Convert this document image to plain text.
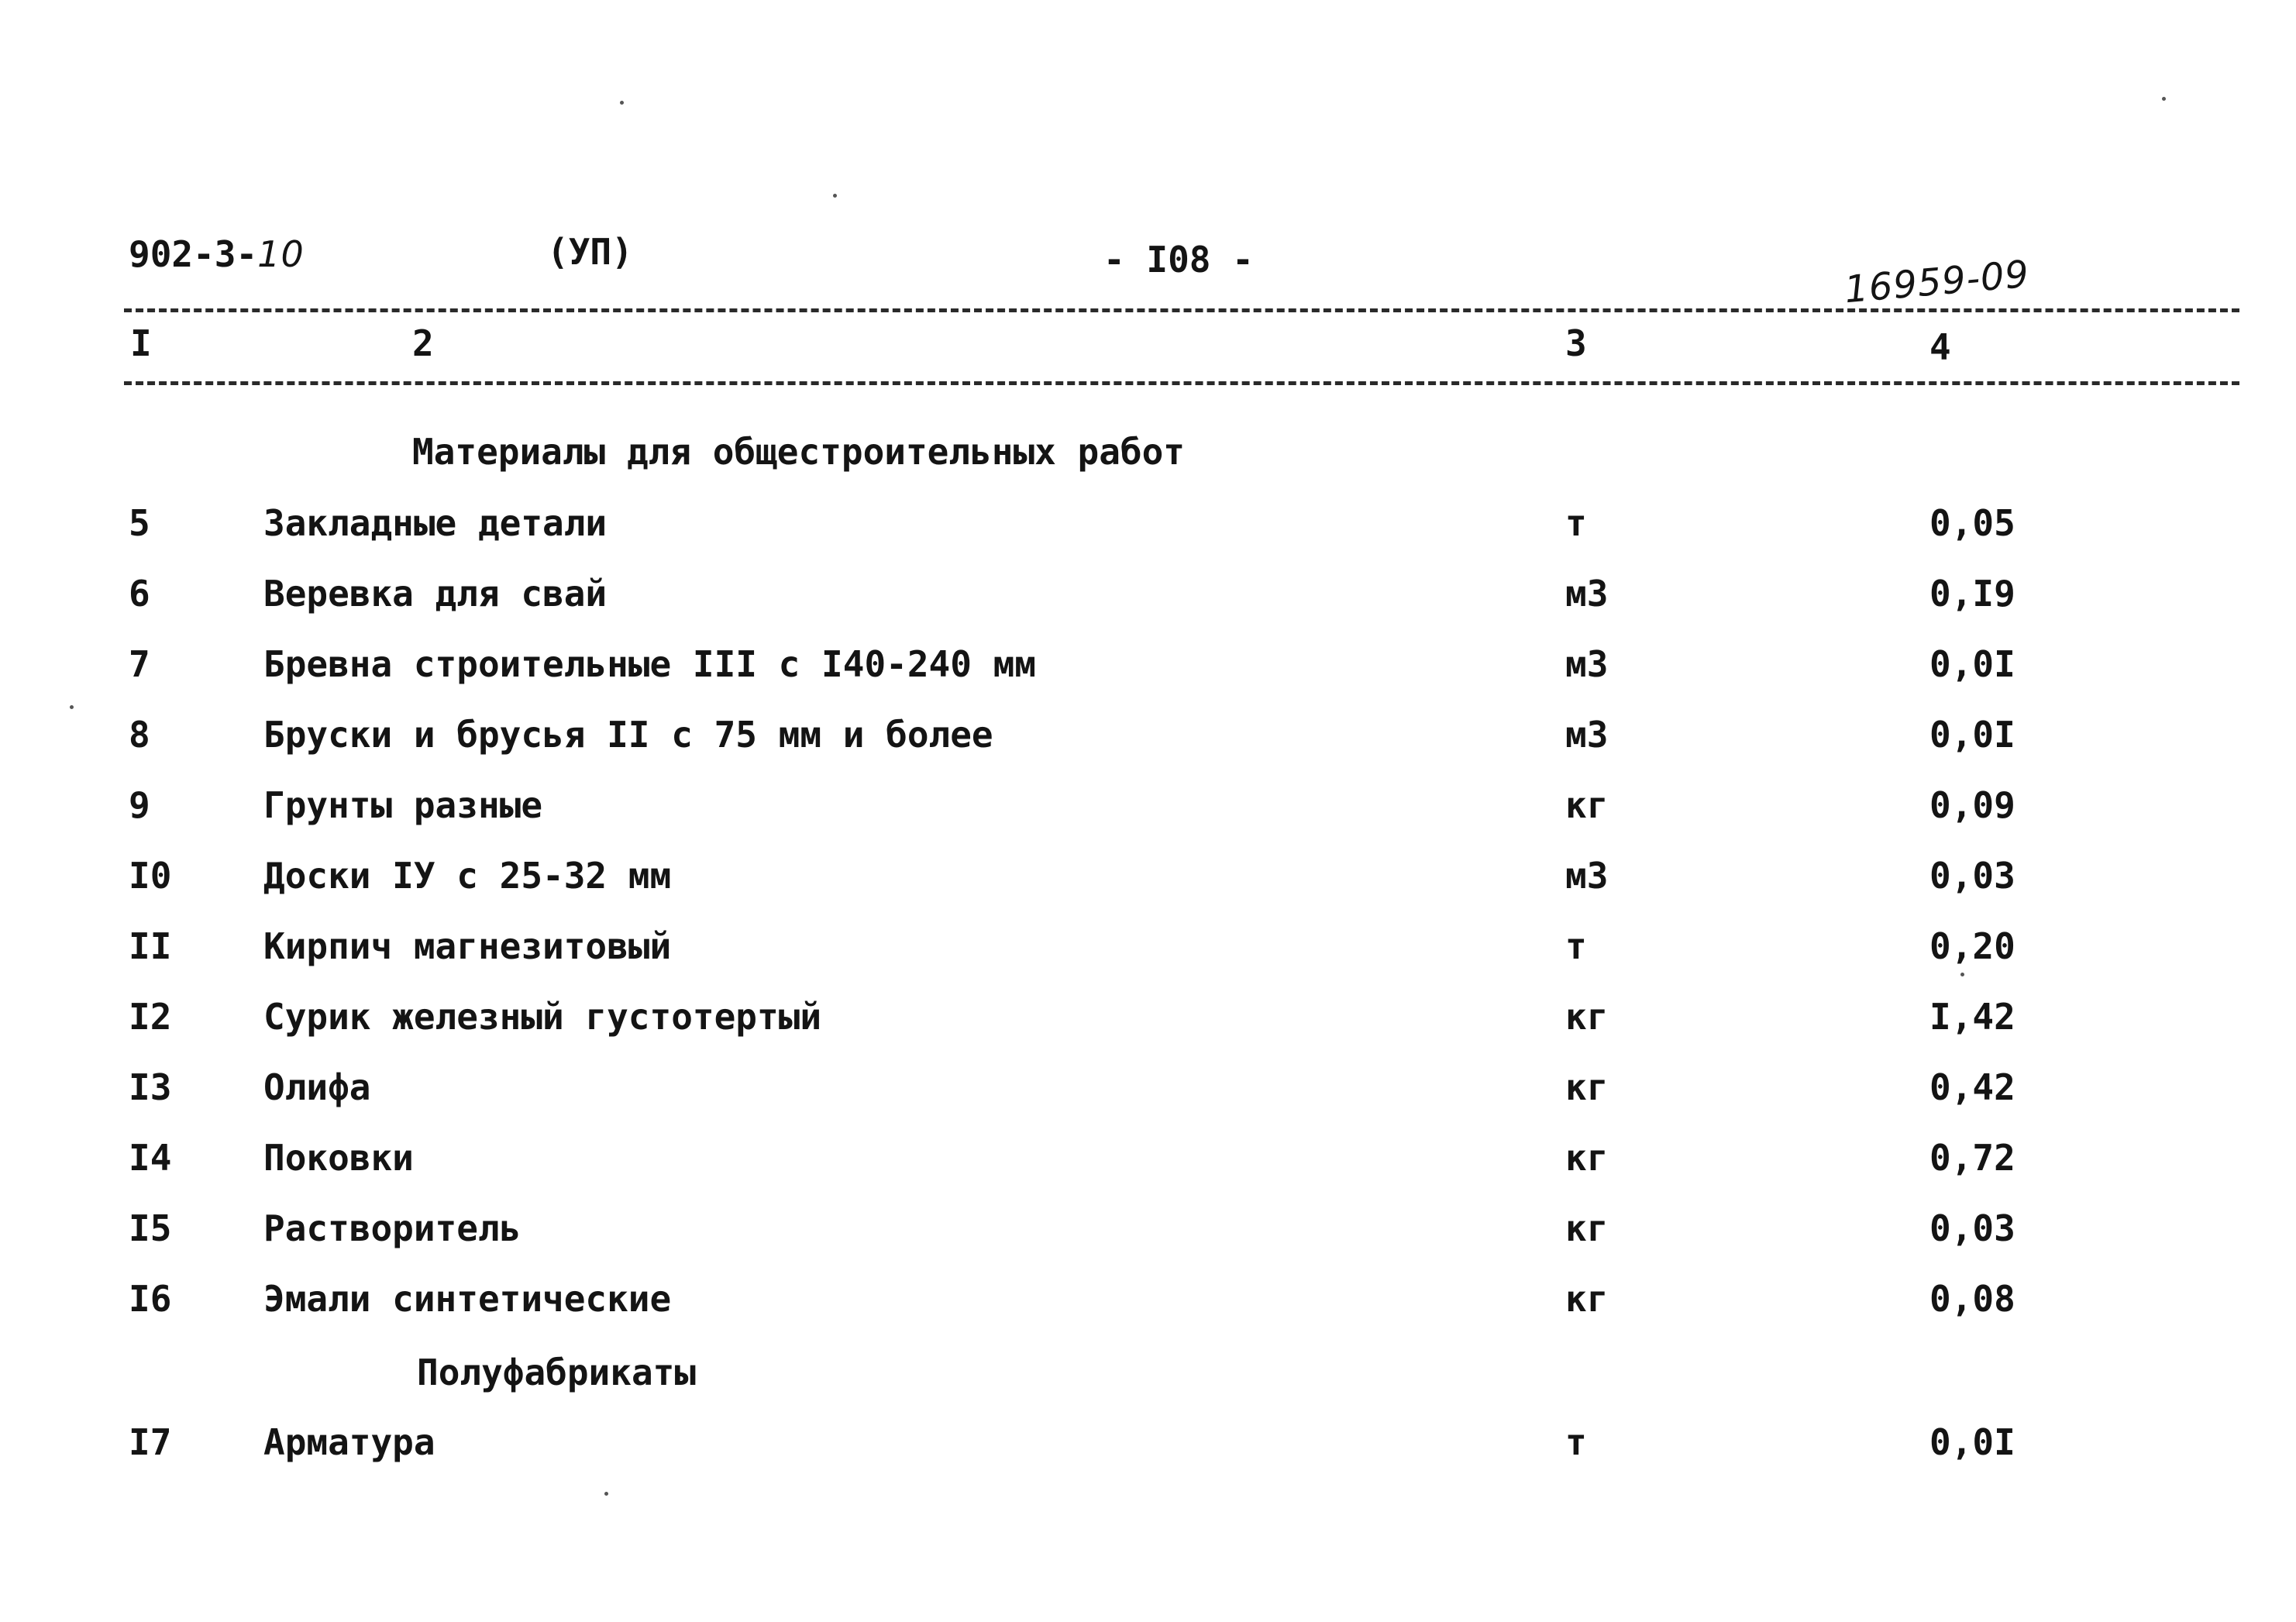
902-3-10	(УП)	- I08 -	16959-09
I	2	3	4
Материалы для общестроительных работ
5	Закладные детали	т	0,05
6	Веревка для свай	м3	0,I9
7	Бревна строительные III с I40-240 мм	м3	0,0I
8	Бруски и брусья II с 75 мм и более	м3	0,0I
9	Грунты разные	кг	0,09
I0	Доски IУ с 25-32 мм	м3	0,03
II	Кирпич магнезитовый	т	0,20
I2	Сурик железный густотертый	кг	I,42
I3	Олифа	кг	0,42
I4	Поковки	кг	0,72
I5	Растворитель	кг	0,03
I6	Эмали синтетические	кг	0,08
Полуфабрикаты
I7	Арматура	т	0,0I
